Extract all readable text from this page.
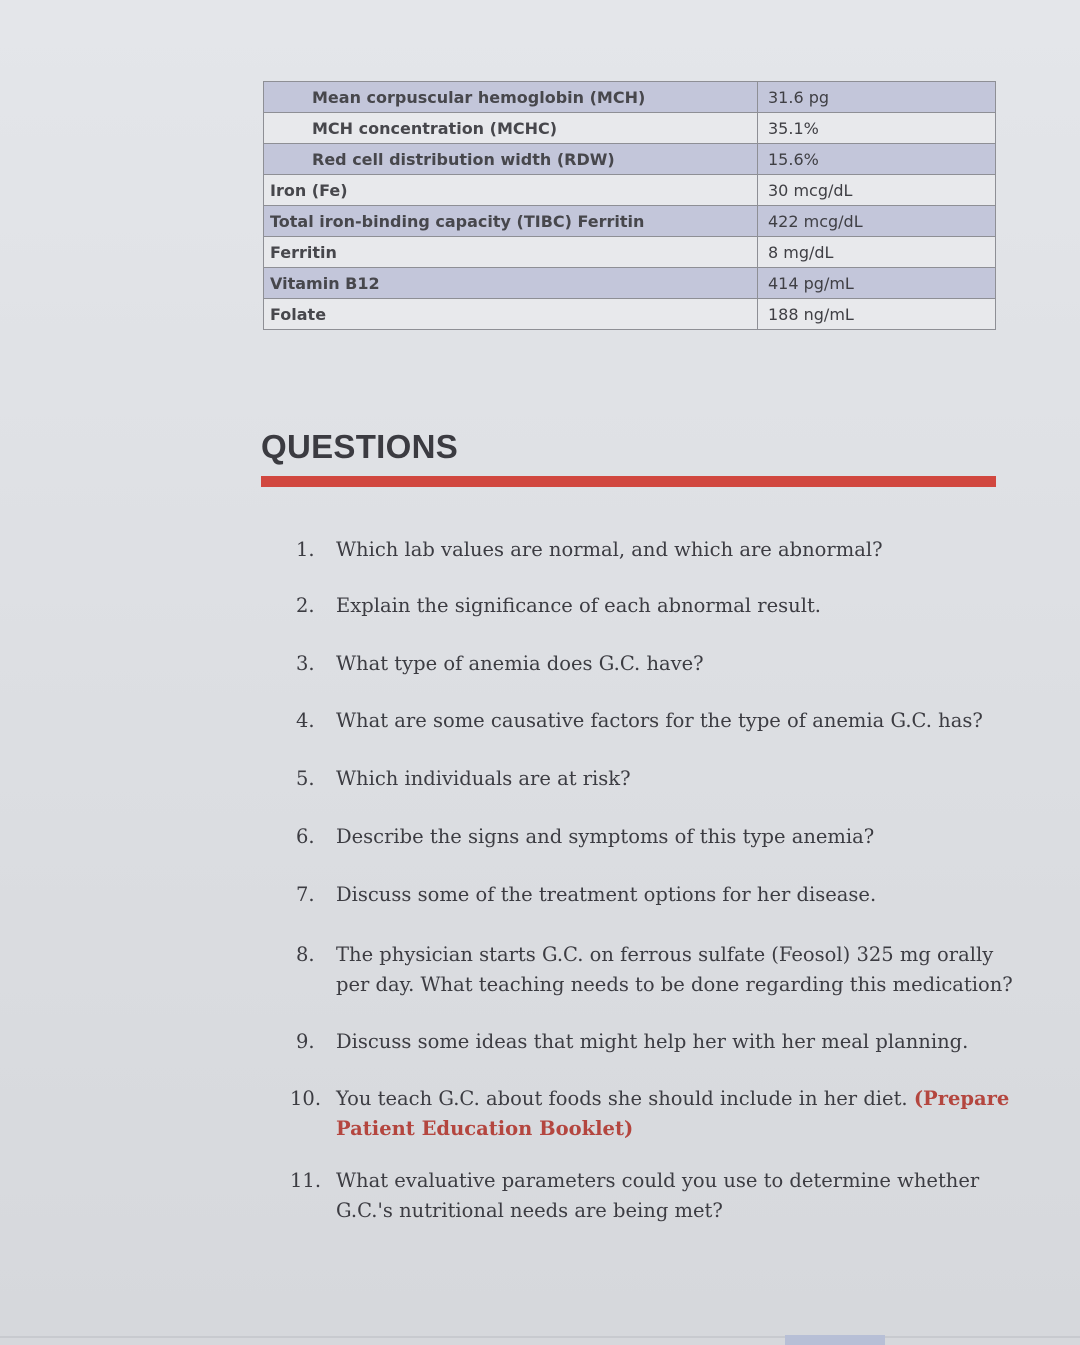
Mean corpuscular hemoglobin (MCH)	31.6 pg
MCH concentration (MCHC)	35.1%
Red cell distribution width (RDW)	15.6%
Iron (Fe)	30 mcg/dL
Total iron-binding capacity (TIBC) Ferritin	422 mcg/dL
Ferritin	8 mg/dL
Vitamin B12	414 pg/mL
Folate	188 ng/mL
QUESTIONS
1.	Which lab values are normal, and which are abnormal?
2.	Explain the significance of each abnormal result.
3.	What type of anemia does G.C. have?
4.	What are some causative factors for the type of anemia G.C. has?
5.	Which individuals are at risk?
6.	Describe the signs and symptoms of this type anemia?
7.	Discuss some of the treatment options for her disease.
8.	The physician starts G.C. on ferrous sulfate (Feosol) 325 mg orally
per day. What teaching needs to be done regarding this medication?
9.	Discuss some ideas that might help her with her meal planning.
10. You teach G.C. about foods she should include in her diet. (Prepare
Patient Education Booklet)
11. What evaluative parameters could you use to determine whether
G.C.'s nutritional needs are being met?
